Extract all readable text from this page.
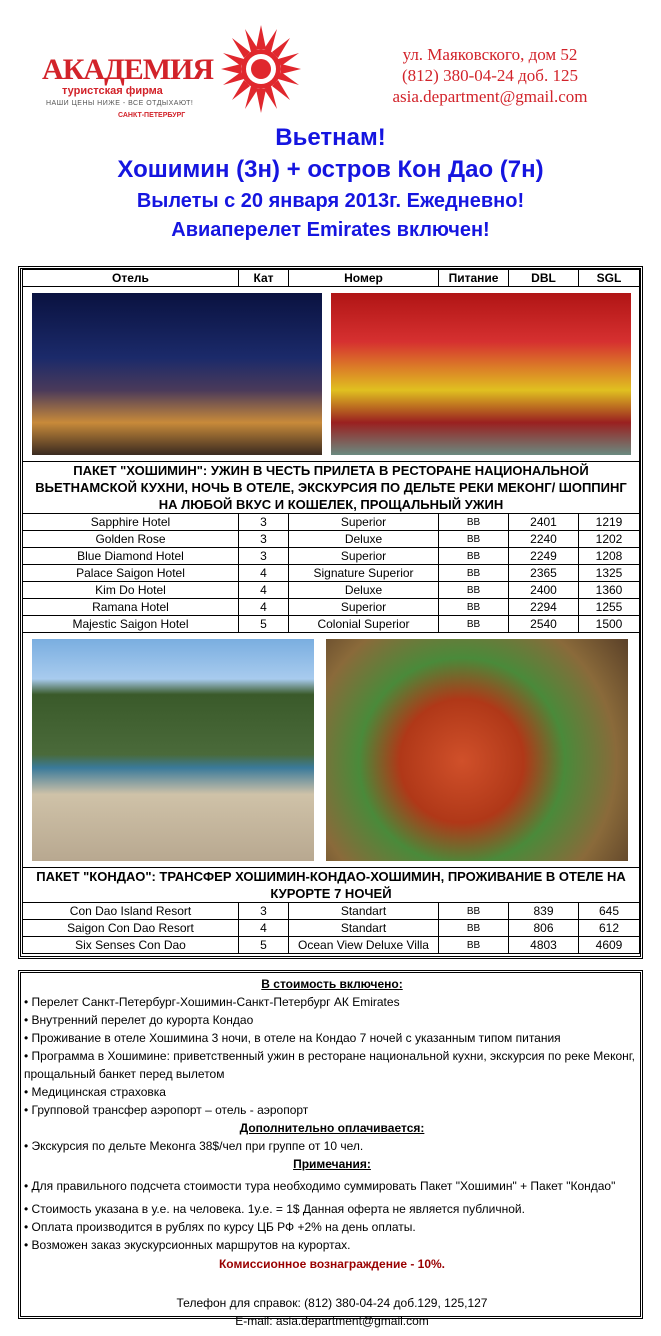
АКАДЕМИЯ
туристская фирма
НАШИ ЦЕНЫ НИЖЕ - ВСЕ ОТДЫХАЮТ!
САНКТ-ПЕТЕРБУРГ
ул. Маяковского, дом 52
(812) 380-04-24 доб. 125
asia.department@gmail.com
Вьетнам!
Хошимин (3н) + остров Кон Дао (7н)
Вылеты с 20 января 2013г. Ежедневно!
Авиаперелет Emirates включен!
Отель	Кат	Номер	Питание	DBL	SGL

ПАКЕТ "ХОШИМИН": УЖИН В ЧЕСТЬ ПРИЛЕТА В РЕСТОРАНЕ НАЦИОНАЛЬНОЙ ВЬЕТНАМСКОЙ КУХНИ, НОЧЬ В ОТЕЛЕ, ЭКСКУРСИЯ ПО ДЕЛЬТЕ РЕКИ МЕКОНГ/ ШОППИНГ НА ЛЮБОЙ ВКУС И КОШЕЛЕК, ПРОЩАЛЬНЫЙ УЖИН					
Sapphire Hotel	3	Superior	BB	2401	1219
Golden Rose	3	Deluxe	BB	2240	1202
Blue Diamond Hotel	3	Superior	BB	2249	1208
Palace Saigon Hotel	4	Signature Superior	BB	2365	1325
Kim Do Hotel	4	Deluxe	BB	2400	1360
Ramana Hotel	4	Superior	BB	2294	1255
Majestic Saigon Hotel	5	Colonial Superior	BB	2540	1500

ПАКЕТ "КОНДАО": ТРАНСФЕР ХОШИМИН-КОНДАО-ХОШИМИН, ПРОЖИВАНИЕ В ОТЕЛЕ НА КУРОРТЕ 7 НОЧЕЙ					
Con Dao Island Resort	3	Standart	BB	839	645
Saigon Con Dao Resort	4	Standart	BB	806	612
Six Senses Con Dao	5	Ocean View Deluxe Villa	BB	4803	4609
В стоимость включено:
• Перелет Санкт-Петербург-Хошимин-Санкт-Петербург АК Emirates
• Внутренний перелет до курорта Кондао
• Проживание в отеле Хошимина 3 ночи, в отеле на Кондао 7 ночей с указанным типом питания
• Программа в Хошимине: приветственный ужин в ресторане национальной кухни, экскурсия по реке Меконг, прощальный банкет перед вылетом
• Медицинская страховка
• Групповой трансфер аэропорт – отель - аэропорт
Дополнительно оплачивается:
• Экскурсия по дельте Меконга 38$/чел при группе от 10 чел.
Примечания:
• Для правильного подсчета стоимости тура необходимо суммировать Пакет "Хошимин" + Пакет "Кондао"
• Стоимость указана в у.е. на человека. 1у.е. = 1$ Данная оферта не является публичной.
• Оплата производится в рублях по курсу ЦБ РФ +2% на день оплаты.
• Возможен заказ экускурсионных маршрутов на курортах.
Комиссионное вознаграждение - 10%.
Телефон для справок: (812) 380-04-24 доб.129, 125,127
E-mail: asia.department@gmail.com
